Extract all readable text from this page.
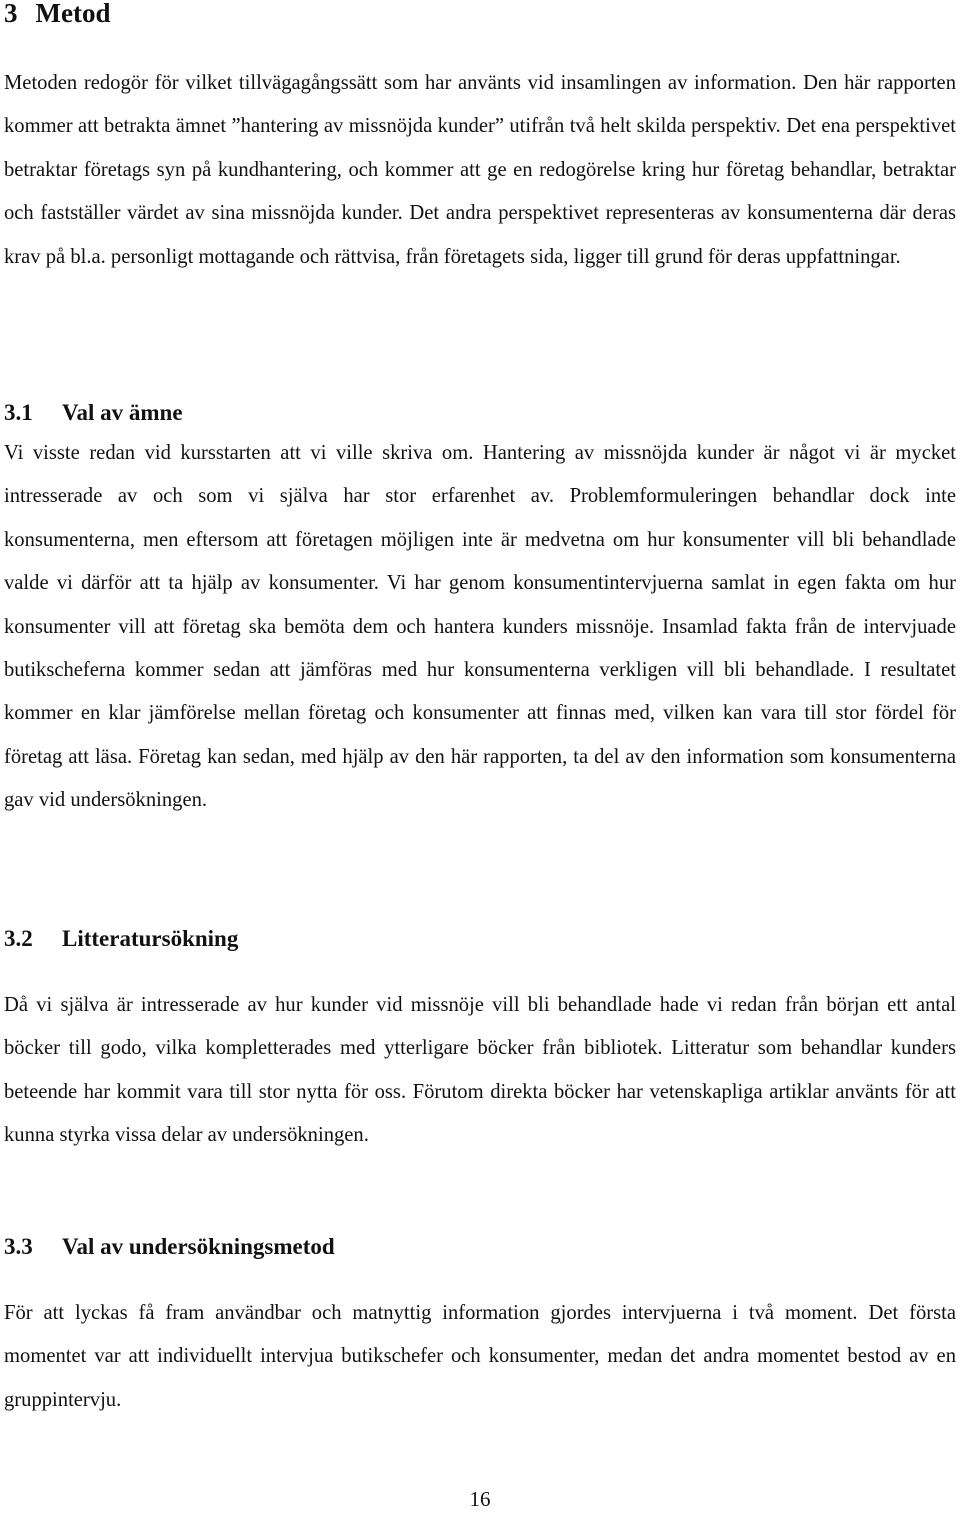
3 Metod

Metoden redogör för vilket tillvägagångssätt som har använts vid insamlingen av information. Den här rapporten kommer att betrakta ämnet ”hantering av missnöjda kunder” utifrån två helt skilda perspektiv. Det ena perspektivet betraktar företags syn på kundhantering, och kommer att ge en redogörelse kring hur företag behandlar, betraktar och fastställer värdet av sina missnöjda kunder. Det andra perspektivet representeras av konsumenterna där deras krav på bl.a. personligt mottagande och rättvisa, från företagets sida, ligger till grund för deras uppfattningar.

3.1 Val av ämne

Vi visste redan vid kursstarten att vi ville skriva om. Hantering av missnöjda kunder är något vi är mycket intresserade av och som vi själva har stor erfarenhet av. Problemformuleringen behandlar dock inte konsumenterna, men eftersom att företagen möjligen inte är medvetna om hur konsumenter vill bli behandlade valde vi därför att ta hjälp av konsumenter. Vi har genom konsumentintervjuerna samlat in egen fakta om hur konsumenter vill att företag ska bemöta dem och hantera kunders missnöje. Insamlad fakta från de intervjuade butikscheferna kommer sedan att jämföras med hur konsumenterna verkligen vill bli behandlade. I resultatet kommer en klar jämförelse mellan företag och konsumenter att finnas med, vilken kan vara till stor fördel för företag att läsa. Företag kan sedan, med hjälp av den här rapporten, ta del av den information som konsumenterna gav vid undersökningen.

3.2 Litteratursökning

Då vi själva är intresserade av hur kunder vid missnöje vill bli behandlade hade vi redan från början ett antal böcker till godo, vilka kompletterades med ytterligare böcker från bibliotek. Litteratur som behandlar kunders beteende har kommit vara till stor nytta för oss. Förutom direkta böcker har vetenskapliga artiklar använts för att kunna styrka vissa delar av undersökningen.

3.3 Val av undersökningsmetod

För att lyckas få fram användbar och matnyttig information gjordes intervjuerna i två moment. Det första momentet var att individuellt intervjua butikschefer och konsumenter, medan det andra momentet bestod av en gruppintervju.

16
